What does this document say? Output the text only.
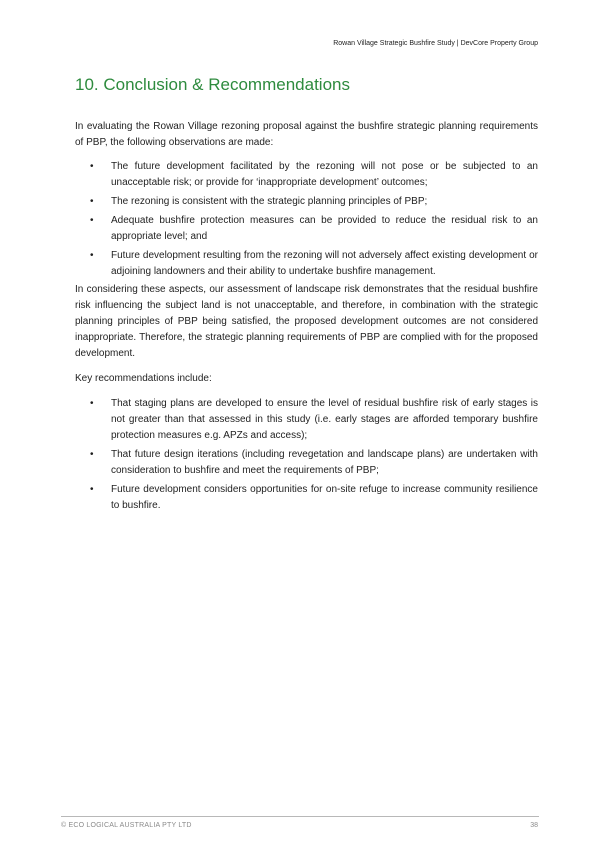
Rowan Village Strategic Bushfire Study | DevCore Property Group
10. Conclusion & Recommendations

In evaluating the Rowan Village rezoning proposal against the bushfire strategic planning requirements of PBP, the following observations are made:

• The future development facilitated by the rezoning will not pose or be subjected to an unacceptable risk; or provide for ‘inappropriate development’ outcomes;
• The rezoning is consistent with the strategic planning principles of PBP;
• Adequate bushfire protection measures can be provided to reduce the residual risk to an appropriate level; and
• Future development resulting from the rezoning will not adversely affect existing development or adjoining landowners and their ability to undertake bushfire management.

In considering these aspects, our assessment of landscape risk demonstrates that the residual bushfire risk influencing the subject land is not unacceptable, and therefore, in combination with the strategic planning principles of PBP being satisfied, the proposed development outcomes are not considered inappropriate. Therefore, the strategic planning requirements of PBP are complied with for the proposed development.

Key recommendations include:

• That staging plans are developed to ensure the level of residual bushfire risk of early stages is not greater than that assessed in this study (i.e. early stages are afforded temporary bushfire protection measures e.g. APZs and access);
• That future design iterations (including revegetation and landscape plans) are undertaken with consideration to bushfire and meet the requirements of PBP;
• Future development considers opportunities for on-site refuge to increase community resilience to bushfire.
© ECO LOGICAL AUSTRALIA PTY LTD	38
